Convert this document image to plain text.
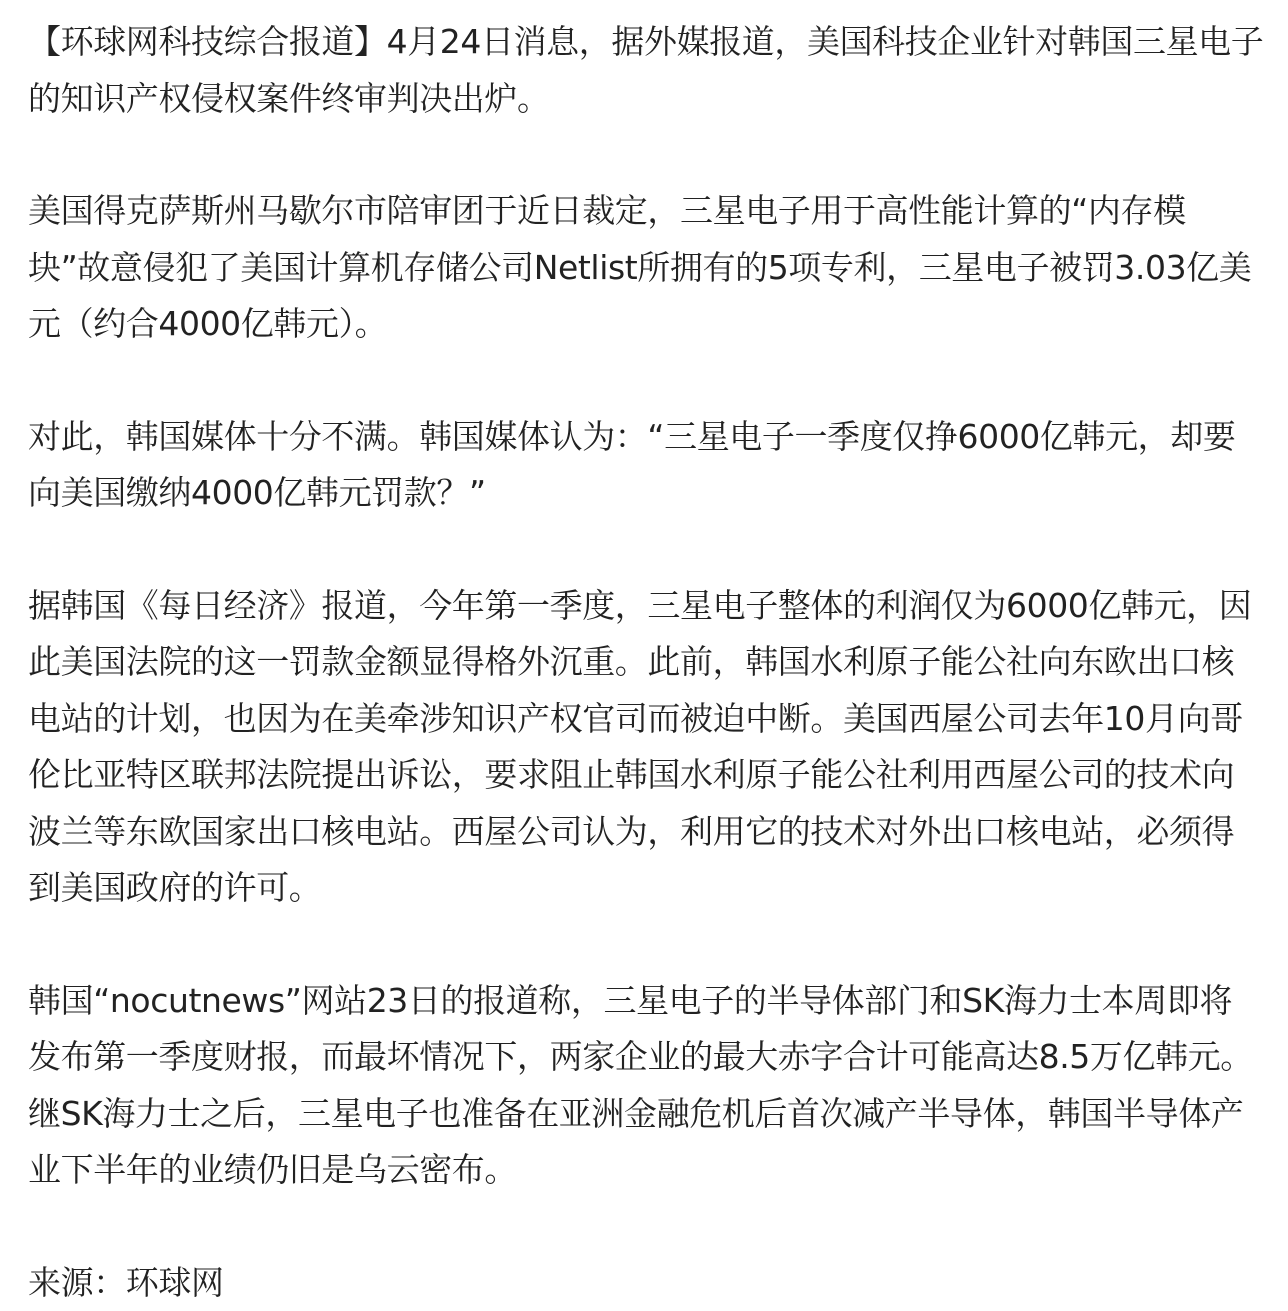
【环球网科技综合报道】4月24日消息，据外媒报道，美国科技企业针对韩国三星电子的知识产权侵权案件终审判决出炉。

美国得克萨斯州马歇尔市陪审团于近日裁定，三星电子用于高性能计算的“内存模块”故意侵犯了美国计算机存储公司Netlist所拥有的5项专利，三星电子被罚3.03亿美元（约合4000亿韩元）。

对此，韩国媒体十分不满。韩国媒体认为：“三星电子一季度仅挣6000亿韩元，却要向美国缴纳4000亿韩元罚款？”

据韩国《每日经济》报道，今年第一季度，三星电子整体的利润仅为6000亿韩元，因此美国法院的这一罚款金额显得格外沉重。此前，韩国水利原子能公社向东欧出口核电站的计划，也因为在美牵涉知识产权官司而被迫中断。美国西屋公司去年10月向哥伦比亚特区联邦法院提出诉讼，要求阻止韩国水利原子能公社利用西屋公司的技术向波兰等东欧国家出口核电站。西屋公司认为，利用它的技术对外出口核电站，必须得到美国政府的许可。

韩国“nocutnews”网站23日的报道称，三星电子的半导体部门和SK海力士本周即将发布第一季度财报，而最坏情况下，两家企业的最大赤字合计可能高达8.5万亿韩元。继SK海力士之后，三星电子也准备在亚洲金融危机后首次减产半导体，韩国半导体产业下半年的业绩仍旧是乌云密布。

来源：环球网
